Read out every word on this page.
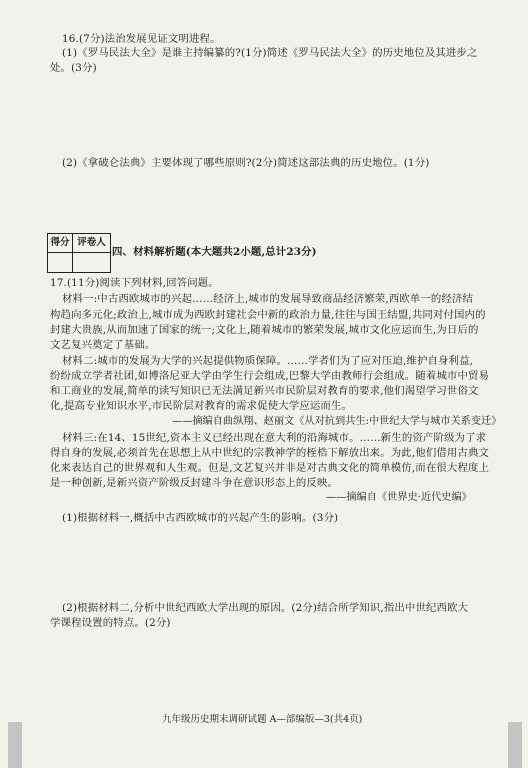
16.(7分)法治发展见证文明进程。
(1)《罗马民法大全》是谁主持编纂的?(1分)简述《罗马民法大全》的历史地位及其进步之
处。(3分)
(2)《拿破仑法典》主要体现了哪些原则?(2分)简述这部法典的历史地位。(1分)
得分 评卷人
四、材料解析题(本大题共2小题,总计23分)
17.(11分)阅读下列材料,回答问题。
材料一:中古西欧城市的兴起……经济上,城市的发展导致商品经济繁荣,西欧单一的经济结
构趋向多元化;政治上,城市成为西欧封建社会中新的政治力量,往往与国王结盟,共同对付国内的
封建大贵族,从而加速了国家的统一;文化上,随着城市的繁荣发展,城市文化应运而生,为日后的
文艺复兴奠定了基础。
材料二:城市的发展为大学的兴起提供物质保障。……学者们为了应对压迫,维护自身利益,
纷纷成立学者社团,如博洛尼亚大学由学生行会组成,巴黎大学由教师行会组成。随着城市中贸易
和工商业的发展,简单的读写知识已无法满足新兴市民阶层对教育的要求,他们渴望学习世俗文
化,提高专业知识水平,市民阶层对教育的需求促使大学应运而生。
——摘编自曲纵翔、赵丽文《从对抗到共生:中世纪大学与城市关系变迁》
材料三:在14、15世纪,资本主义已经出现在意大利的沿海城市。……新生的资产阶级为了求
得自身的发展,必须首先在思想上从中世纪的宗教神学的桎梏下解放出来。为此,他们借用古典文
化来表达自己的世界观和人生观。但是,文艺复兴并非是对古典文化的简单模仿,而在很大程度上
是一种创新,是新兴资产阶级反封建斗争在意识形态上的反映。
——摘编自《世界史·近代史编》
(1)根据材料一,概括中古西欧城市的兴起产生的影响。(3分)
(2)根据材料二,分析中世纪西欧大学出现的原因。(2分)结合所学知识,指出中世纪西欧大
学课程设置的特点。(2分)
九年级历史期末调研试题 A—部编版—3(共4页)
